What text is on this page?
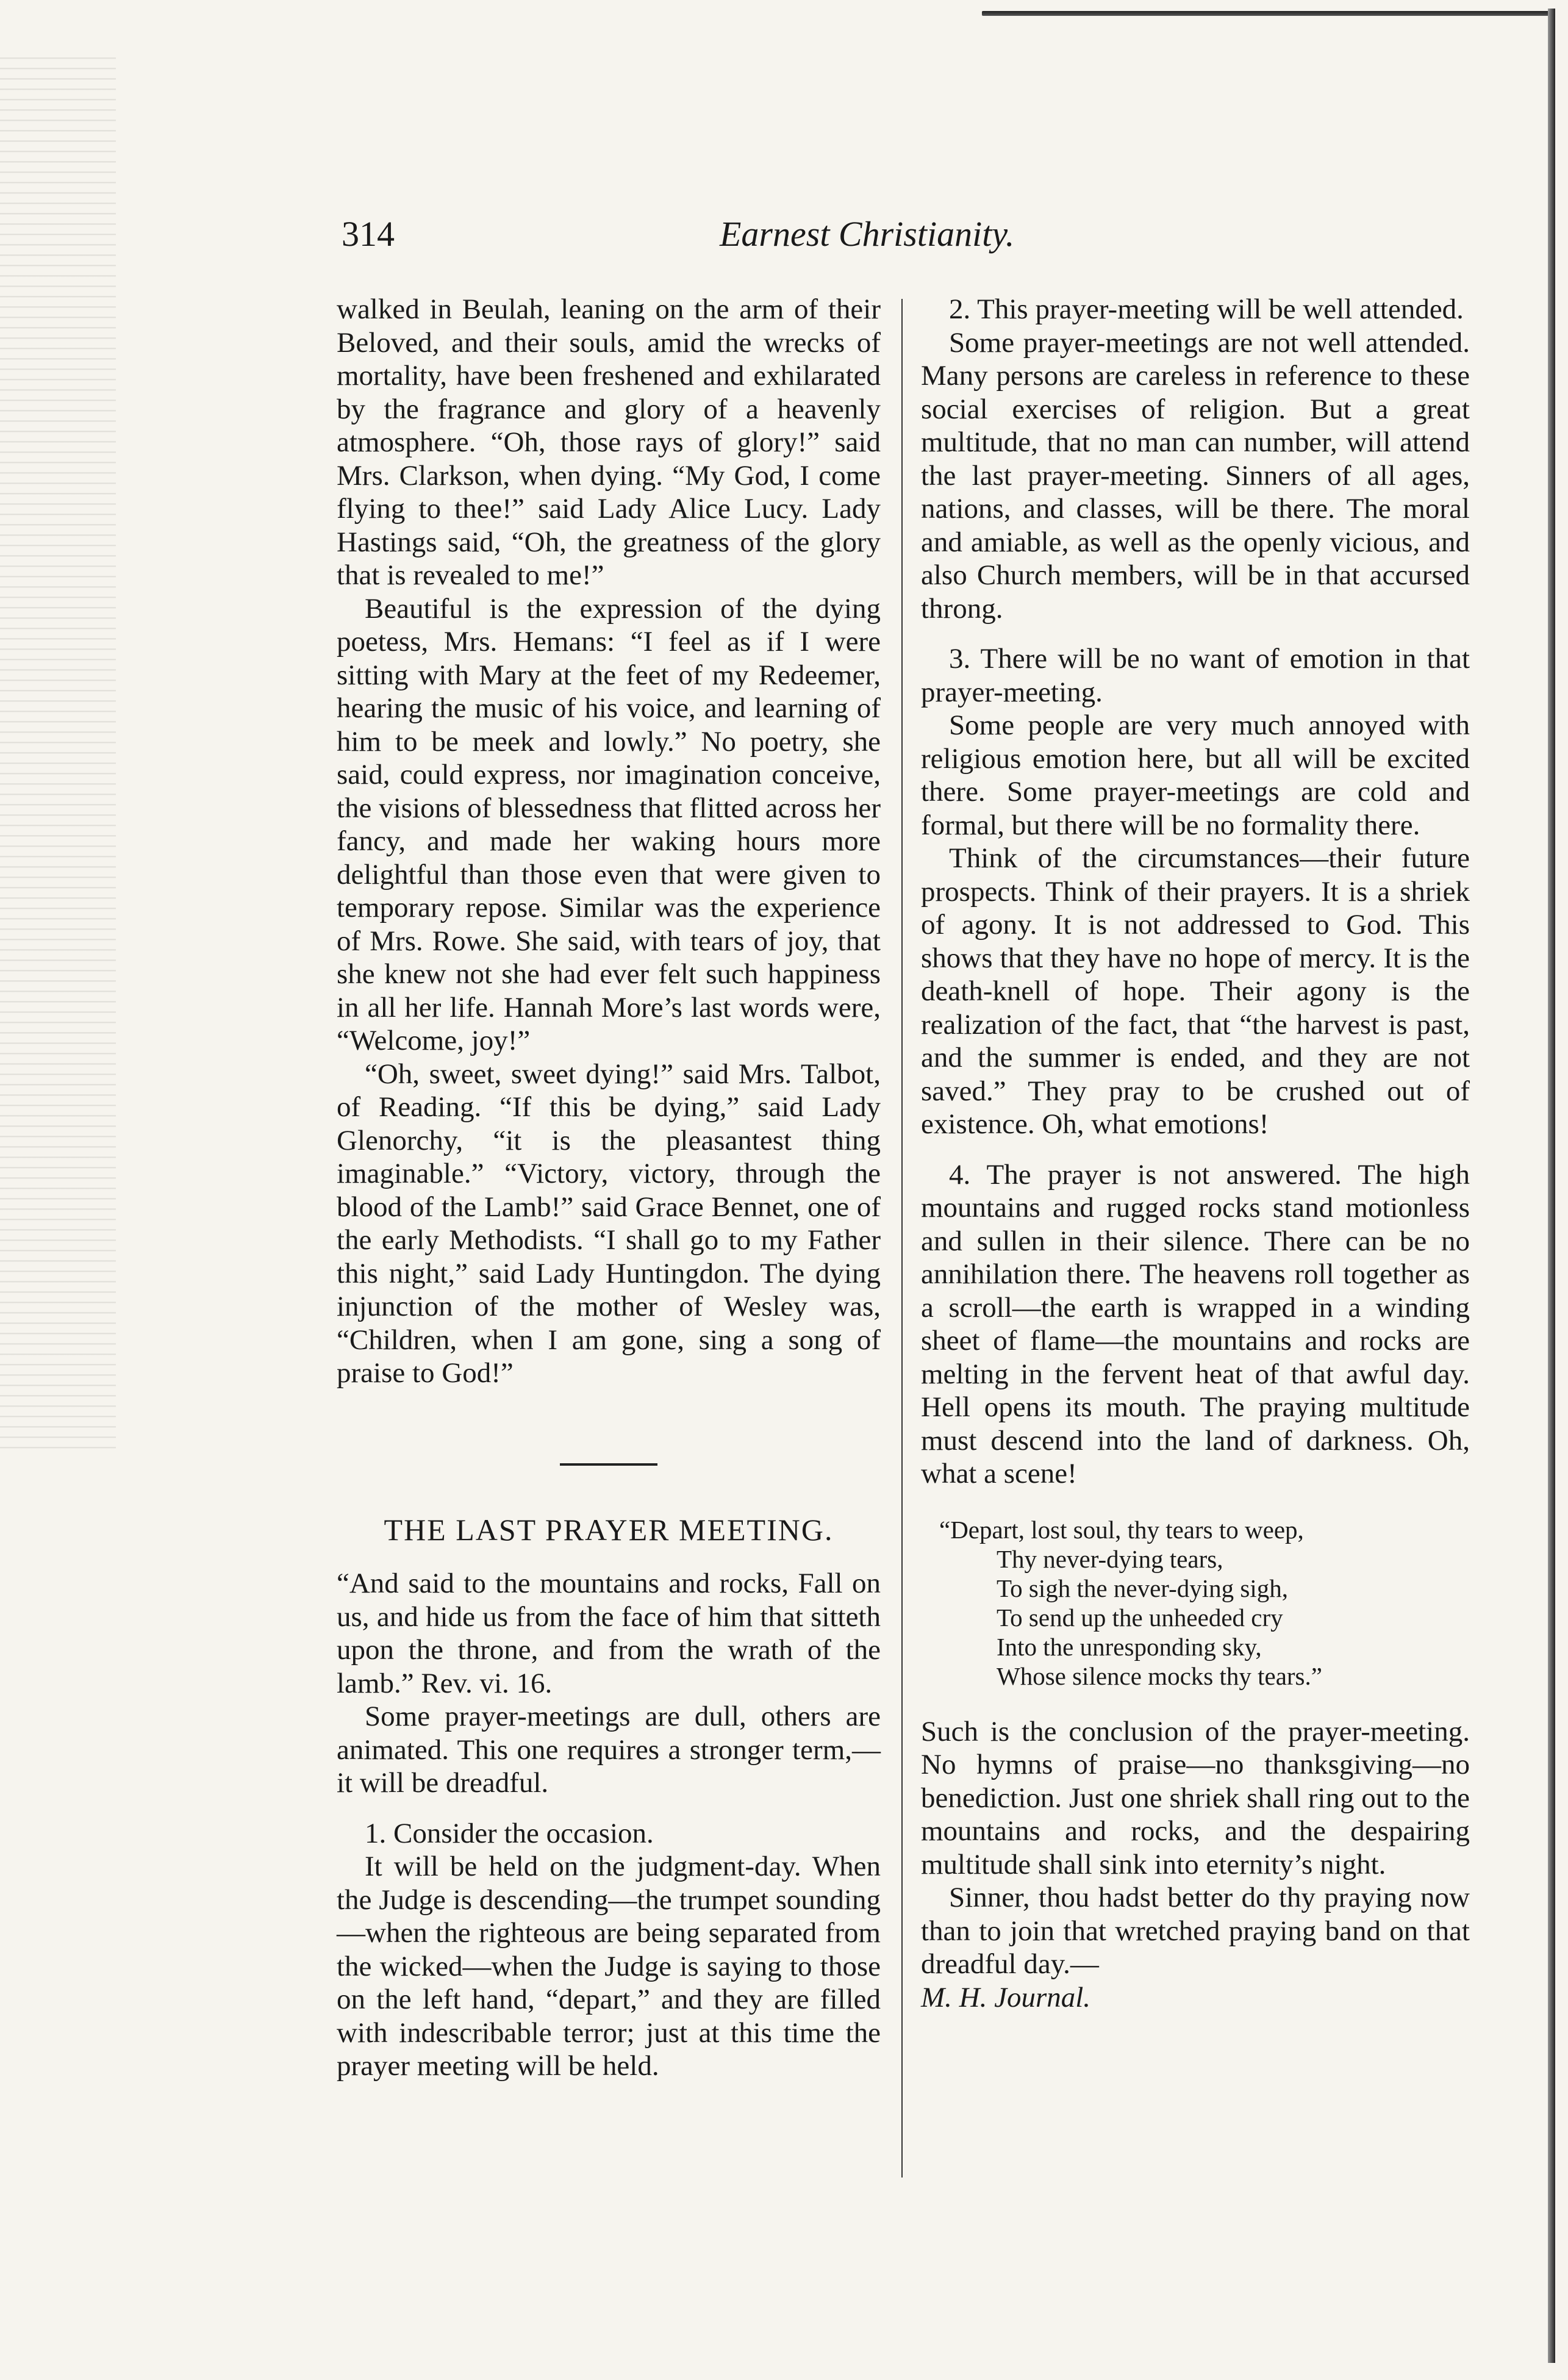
314	Earnest Christianity.

walked in Beulah, leaning on the arm of their Beloved, and their souls, amid the wrecks of mortality, have been freshened and exhilarated by the fragrance and glory of a heavenly atmosphere. “Oh, those rays of glory!” said Mrs. Clarkson, when dying. “My God, I come flying to thee!” said Lady Alice Lucy. Lady Hastings said, “Oh, the greatness of the glory that is revealed to me!”

Beautiful is the expression of the dying poetess, Mrs. Hemans: “I feel as if I were sitting with Mary at the feet of my Redeemer, hearing the music of his voice, and learning of him to be meek and lowly.” No poetry, she said, could express, nor imagination conceive, the visions of blessedness that flitted across her fancy, and made her waking hours more delightful than those even that were given to temporary repose. Similar was the experience of Mrs. Rowe. She said, with tears of joy, that she knew not she had ever felt such happiness in all her life. Hannah More’s last words were, “Welcome, joy!”

“Oh, sweet, sweet dying!” said Mrs. Talbot, of Reading. “If this be dying,” said Lady Glenorchy, “it is the pleasantest thing imaginable.” “Victory, victory, through the blood of the Lamb!” said Grace Bennet, one of the early Methodists. “I shall go to my Father this night,” said Lady Huntingdon. The dying injunction of the mother of Wesley was, “Children, when I am gone, sing a song of praise to God!”

THE LAST PRAYER MEETING.

“And said to the mountains and rocks, Fall on us, and hide us from the face of him that sitteth upon the throne, and from the wrath of the lamb.” Rev. vi. 16.

Some prayer-meetings are dull, others are animated. This one requires a stronger term,—it will be dreadful.

1. Consider the occasion.

It will be held on the judgment-day. When the Judge is descending—the trumpet sounding—when the righteous are being separated from the wicked—when the Judge is saying to those on the left hand, “depart,” and they are filled with indescribable terror; just at this time the prayer meeting will be held.

2. This prayer-meeting will be well attended.

Some prayer-meetings are not well attended. Many persons are careless in reference to these social exercises of religion. But a great multitude, that no man can number, will attend the last prayer-meeting. Sinners of all ages, nations, and classes, will be there. The moral and amiable, as well as the openly vicious, and also Church members, will be in that accursed throng.

3. There will be no want of emotion in that prayer-meeting.

Some people are very much annoyed with religious emotion here, but all will be excited there. Some prayer-meetings are cold and formal, but there will be no formality there.

Think of the circumstances—their future prospects. Think of their prayers. It is a shriek of agony. It is not addressed to God. This shows that they have no hope of mercy. It is the death-knell of hope. Their agony is the realization of the fact, that “the harvest is past, and the summer is ended, and they are not saved.” They pray to be crushed out of existence. Oh, what emotions!

4. The prayer is not answered. The high mountains and rugged rocks stand motionless and sullen in their silence. There can be no annihilation there. The heavens roll together as a scroll—the earth is wrapped in a winding sheet of flame—the mountains and rocks are melting in the fervent heat of that awful day. Hell opens its mouth. The praying multitude must descend into the land of darkness. Oh, what a scene!

“Depart, lost soul, thy tears to weep,
Thy never-dying tears,
To sigh the never-dying sigh,
To send up the unheeded cry
Into the unresponding sky,
Whose silence mocks thy tears.”

Such is the conclusion of the prayer-meeting. No hymns of praise—no thanksgiving—no benediction. Just one shriek shall ring out to the mountains and rocks, and the despairing multitude shall sink into eternity’s night.

Sinner, thou hadst better do thy praying now than to join that wretched praying band on that dreadful day.—

M. H. Journal.
